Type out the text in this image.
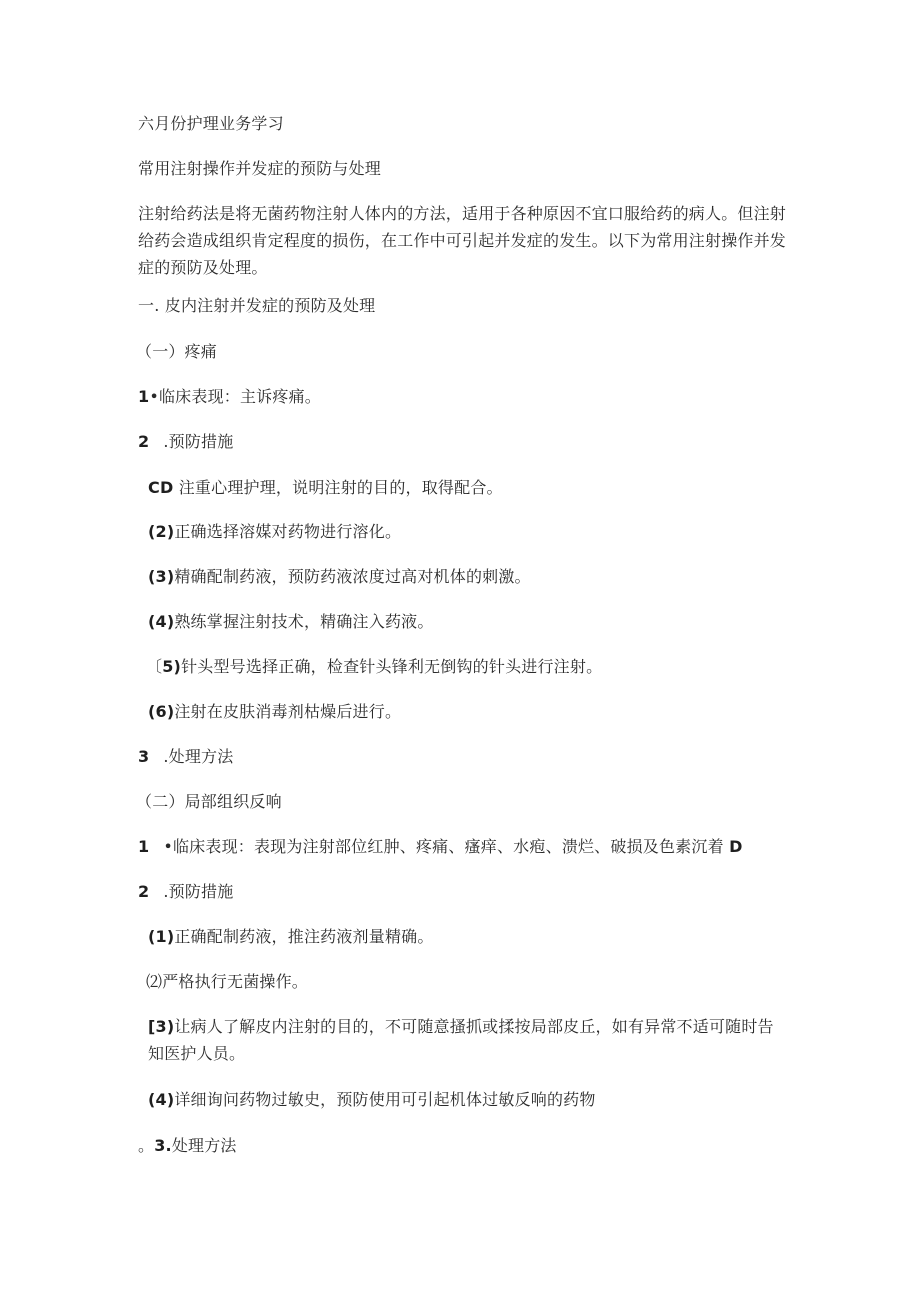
六月份护理业务学习
常用注射操作并发症的预防与处理
注射给药法是将无菌药物注射人体内的方法，适用于各种原因不宜口服给药的病人。但注射给药会造成组织肯定程度的损伤，在工作中可引起并发症的发生。以下为常用注射操作并发症的预防及处理。
一. 皮内注射并发症的预防及处理
（一）疼痛
1•临床表现：主诉疼痛。
2 .预防措施
CD 注重心理护理，说明注射的目的，取得配合。
(2)正确选择溶媒对药物进行溶化。
(3)精确配制药液，预防药液浓度过高对机体的刺激。
(4)熟练掌握注射技术，精确注入药液。
〔5)针头型号选择正确，检查针头锋利无倒钩的针头进行注射。
(6)注射在皮肤消毒剂枯燥后进行。
3 .处理方法
（二）局部组织反响
1 •临床表现：表现为注射部位红肿、疼痛、瘙痒、水疱、溃烂、破损及色素沉着 D
2 .预防措施
(1)正确配制药液，推注药液剂量精确。
⑵严格执行无菌操作。
[3)让病人了解皮内注射的目的，不可随意搔抓或揉按局部皮丘，如有异常不适可随时告知医护人员。
(4)详细询问药物过敏史，预防使用可引起机体过敏反响的药物
。3.处理方法
